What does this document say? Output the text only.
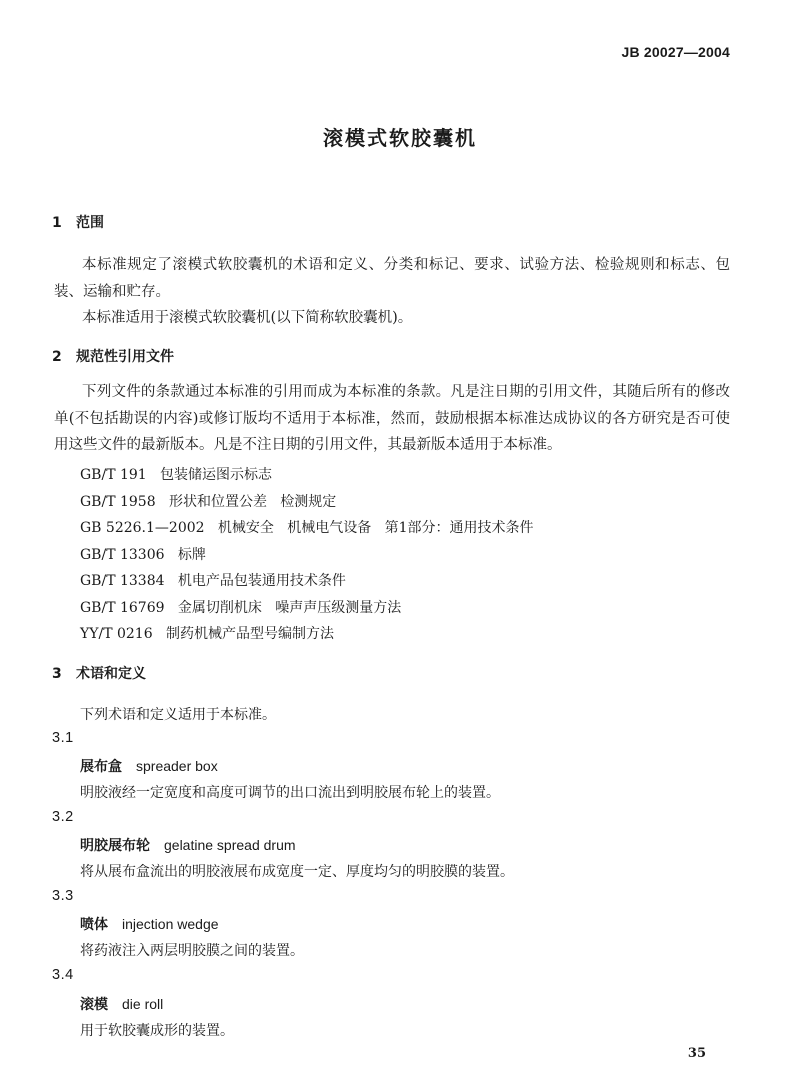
JB 20027—2004
滚模式软胶囊机
1 范围

本标准规定了滚模式软胶囊机的术语和定义、分类和标记、要求、试验方法、检验规则和标志、包装、运输和贮存。

本标准适用于滚模式软胶囊机(以下简称软胶囊机)。

2 规范性引用文件

下列文件的条款通过本标准的引用而成为本标准的条款。凡是注日期的引用文件，其随后所有的修改单(不包括勘误的内容)或修订版均不适用于本标准，然而，鼓励根据本标准达成协议的各方研究是否可使用这些文件的最新版本。凡是不注日期的引用文件，其最新版本适用于本标准。

GB/T 191   包装储运图示标志
GB/T 1958   形状和位置公差   检测规定
GB 5226.1—2002   机械安全   机械电气设备   第1部分：通用技术条件
GB/T 13306   标牌
GB/T 13384   机电产品包装通用技术条件
GB/T 16769   金属切削机床   噪声声压级测量方法
YY/T 0216   制药机械产品型号编制方法
3 术语和定义
下列术语和定义适用于本标准。
3.1
展布盒 spreader box
明胶液经一定宽度和高度可调节的出口流出到明胶展布轮上的装置。
3.2
明胶展布轮 gelatine spread drum
将从展布盒流出的明胶液展布成宽度一定、厚度均匀的明胶膜的装置。
3.3
喷体 injection wedge
将药液注入两层明胶膜之间的装置。
3.4
滚模 die roll
用于软胶囊成形的装置。
35
